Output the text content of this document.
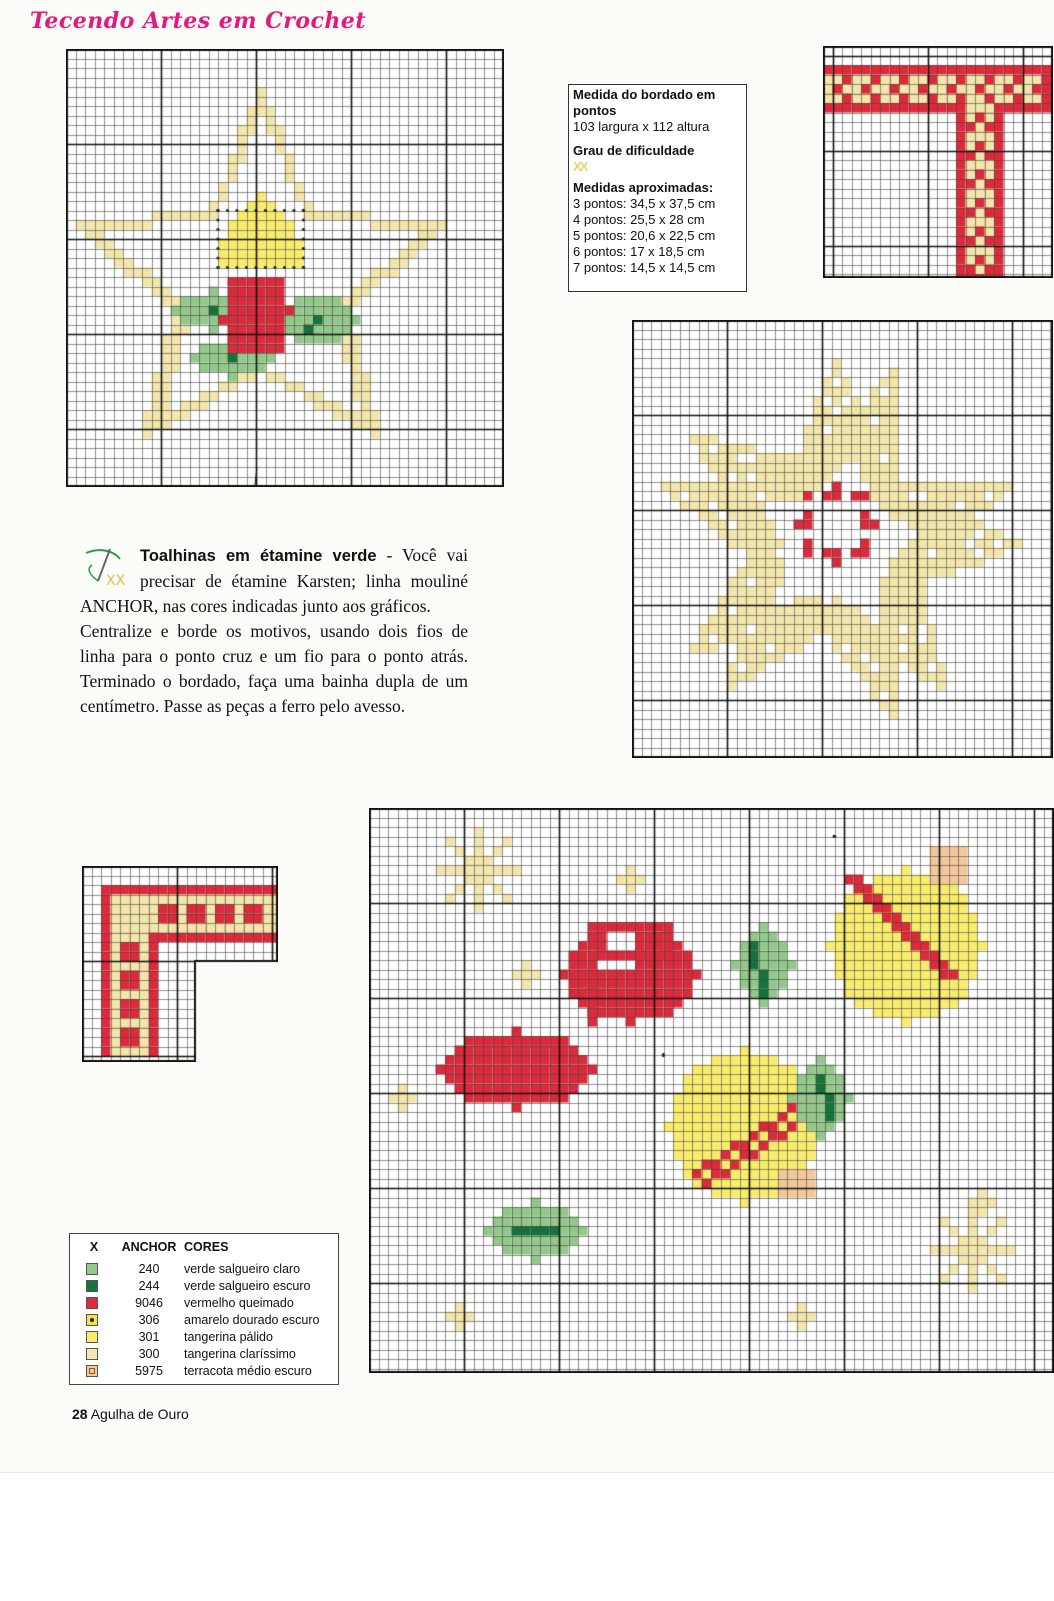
Tecendo Artes em Crochet
Medida do bordado em pontos
103 largura x 112 altura
Grau de dificuldade
XX
Medidas aproximadas:
3 pontos: 34,5 x 37,5 cm
4 pontos: 25,5 x 28 cm
5 pontos: 20,6 x 22,5 cm
6 pontos: 17 x 18,5 cm
7 pontos: 14,5 x 14,5 cm
XX

Toalhinas em étamine verde - Você vai precisar de étamine Karsten; linha mouliné ANCHOR, nas cores indicadas junto aos gráficos.

Centralize e borde os motivos, usando dois fios de linha para o ponto cruz e um fio para o ponto atrás. Terminado o bordado, faça uma bainha dupla de um centímetro. Passe as peças a ferro pelo avesso.

X	ANCHOR	CORES
	240	verde salgueiro claro
	244	verde salgueiro escuro
	9046	vermelho queimado
	306	amarelo dourado escuro
	301	tangerina pálido
	300	tangerina claríssimo
	5975	terracota médio escuro
28 Agulha de Ouro
